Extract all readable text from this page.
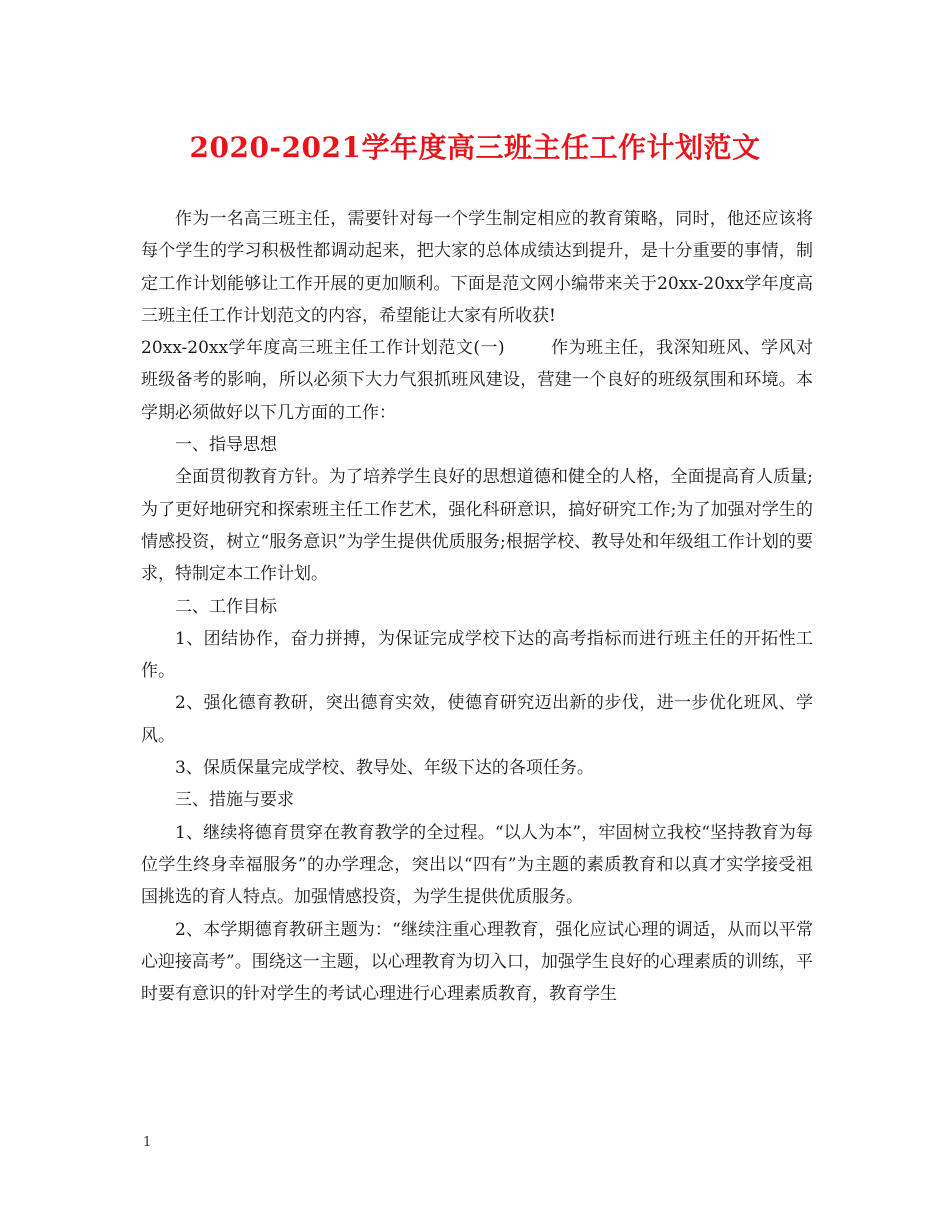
2020-2021学年度高三班主任工作计划范文

作为一名高三班主任，需要针对每一个学生制定相应的教育策略，同时，他还应该将每个学生的学习积极性都调动起来，把大家的总体成绩达到提升，是十分重要的事情，制定工作计划能够让工作开展的更加顺利。下面是范文网小编带来关于20xx-20xx学年度高三班主任工作计划范文的内容，希望能让大家有所收获!

20xx-20xx学年度高三班主任工作计划范文(一)	作为班主任，我深知班风、学风对班级备考的影响，所以必须下大力气狠抓班风建设，营建一个良好的班级氛围和环境。本学期必须做好以下几方面的工作：

一、指导思想

全面贯彻教育方针。为了培养学生良好的思想道德和健全的人格，全面提高育人质量;为了更好地研究和探索班主任工作艺术，强化科研意识，搞好研究工作;为了加强对学生的情感投资，树立“服务意识”为学生提供优质服务;根据学校、教导处和年级组工作计划的要求，特制定本工作计划。

二、工作目标

1、团结协作，奋力拼搏，为保证完成学校下达的高考指标而进行班主任的开拓性工作。

2、强化德育教研，突出德育实效，使德育研究迈出新的步伐，进一步优化班风、学风。

3、保质保量完成学校、教导处、年级下达的各项任务。

三、措施与要求

1、继续将德育贯穿在教育教学的全过程。“以人为本”，牢固树立我校“坚持教育为每位学生终身幸福服务”的办学理念，突出以“四有”为主题的素质教育和以真才实学接受祖国挑选的育人特点。加强情感投资，为学生提供优质服务。

2、本学期德育教研主题为：“继续注重心理教育，强化应试心理的调适，从而以平常心迎接高考”。围绕这一主题，以心理教育为切入口，加强学生良好的心理素质的训练，平时要有意识的针对学生的考试心理进行心理素质教育，教育学生

1
